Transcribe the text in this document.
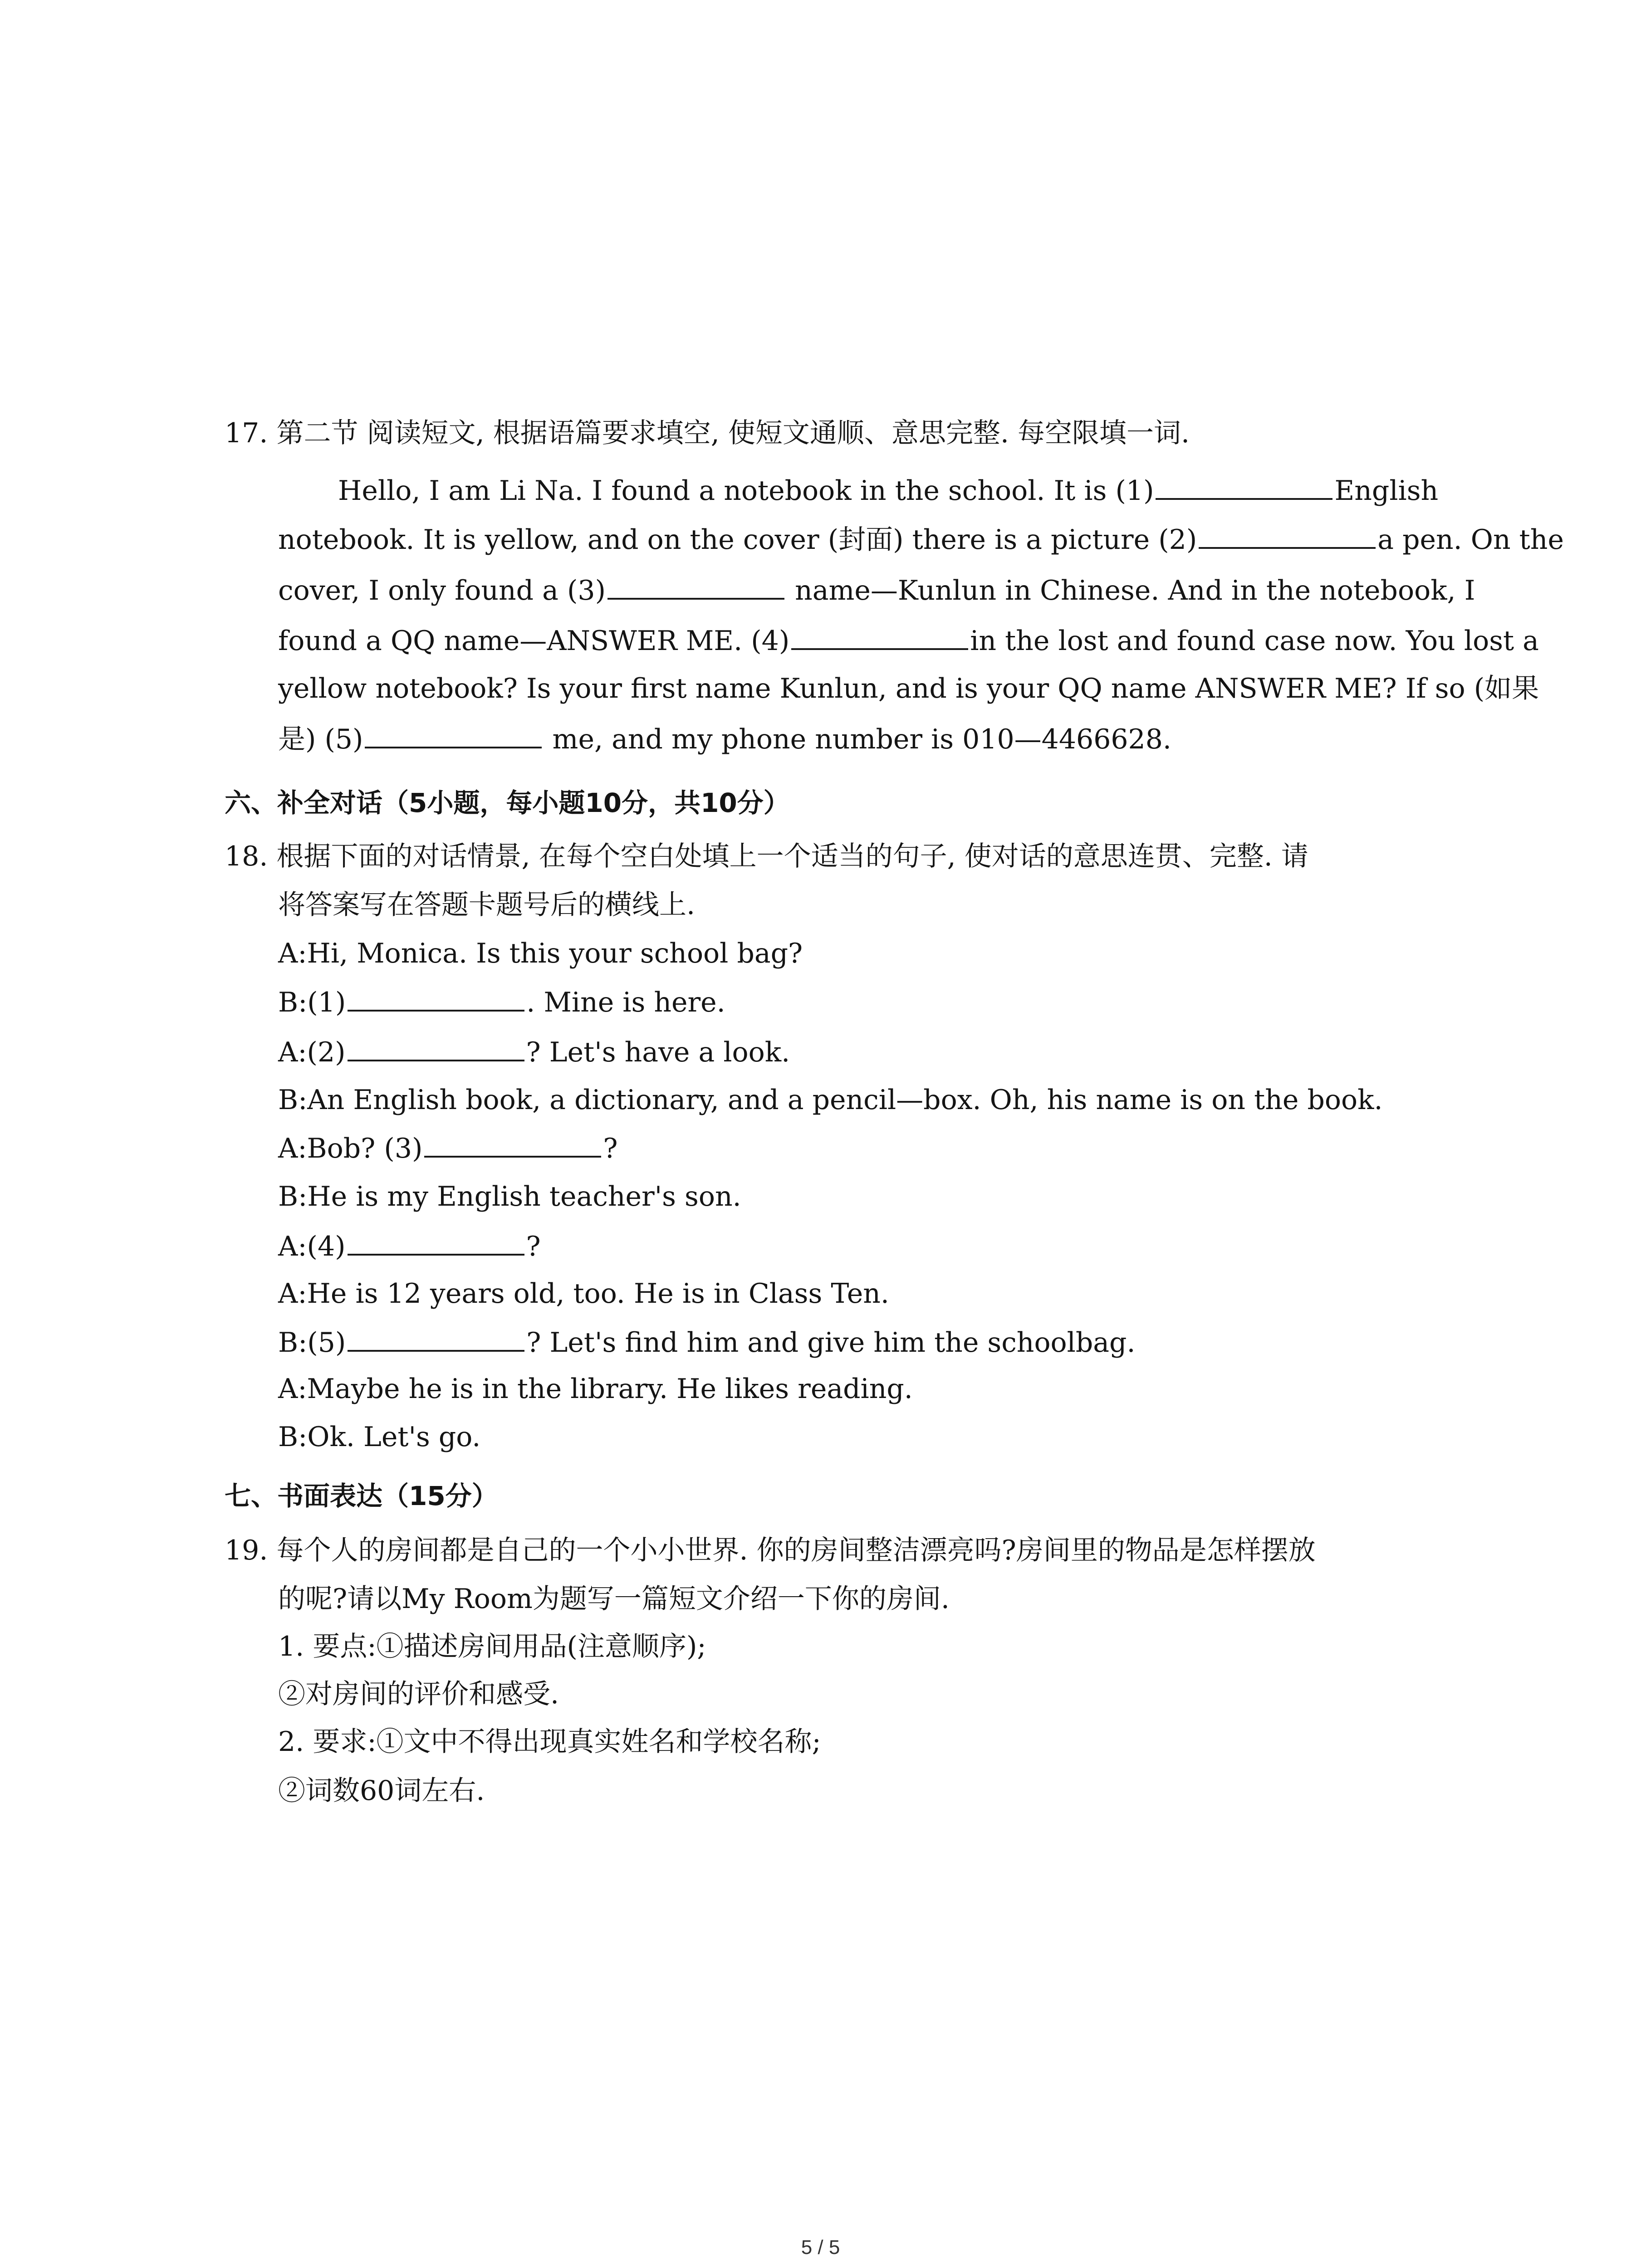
17. 第二节 阅读短文, 根据语篇要求填空, 使短文通顺、意思完整. 每空限填一词.
Hello, I am Li Na. I found a notebook in the school. It is (1)	English
notebook. It is yellow, and on the cover (封面) there is a picture (2)	a pen. On the
cover, I only found a (3)	name—Kunlun in Chinese. And in the notebook, I
found a QQ name—ANSWER ME. (4)	in the lost and found case now. You lost a
yellow notebook? Is your first name Kunlun, and is your QQ name ANSWER ME? If so (如果
是) (5)	me, and my phone number is 010—4466628.
六、补全对话（5小题，每小题10分，共10分）
18. 根据下面的对话情景, 在每个空白处填上一个适当的句子, 使对话的意思连贯、完整. 请
将答案写在答题卡题号后的横线上.
A:Hi, Monica. Is this your school bag?
B:(1)	. Mine is here.
A:(2)	? Let's have a look.
B:An English book, a dictionary, and a pencil—box. Oh, his name is on the book.
A:Bob? (3)	?
B:He is my English teacher's son.
A:(4)	?
A:He is 12 years old, too. He is in Class Ten.
B:(5)	? Let's find him and give him the schoolbag.
A:Maybe he is in the library. He likes reading.
B:Ok. Let's go.
七、书面表达（15分）
19. 每个人的房间都是自己的一个小小世界. 你的房间整洁漂亮吗?房间里的物品是怎样摆放
的呢?请以My Room为题写一篇短文介绍一下你的房间.
1. 要点:①描述房间用品(注意顺序);
②对房间的评价和感受.
2. 要求:①文中不得出现真实姓名和学校名称;
②词数60词左右.
5 / 5
